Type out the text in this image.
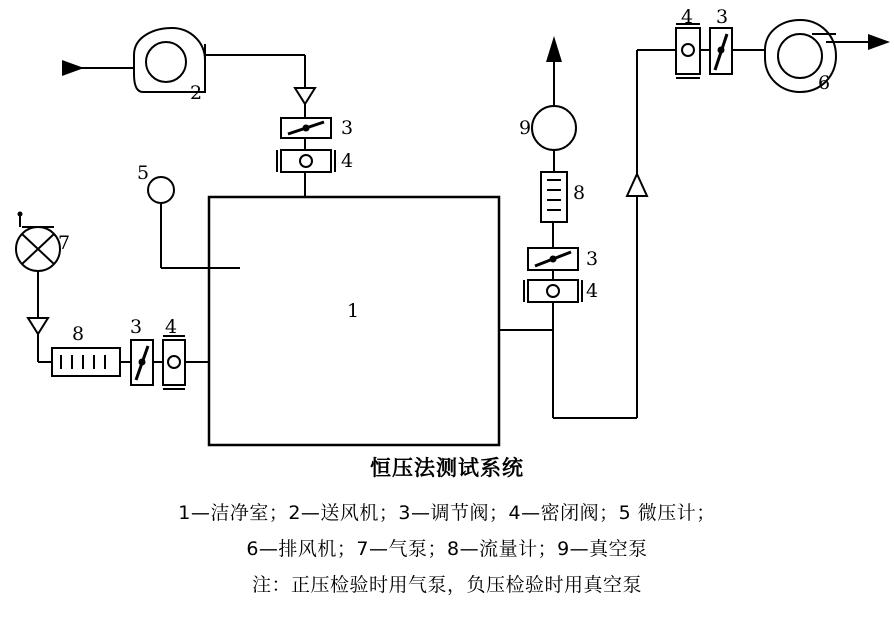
2
3
4
5
1
7
8 3 4
9
8
3
4
4 3
6
恒压法测试系统
1—洁净室；2—送风机；3—调节阀；4—密闭阀；5 微压计；
6—排风机；7—气泵；8—流量计；9—真空泵
注：正压检验时用气泵，负压检验时用真空泵
